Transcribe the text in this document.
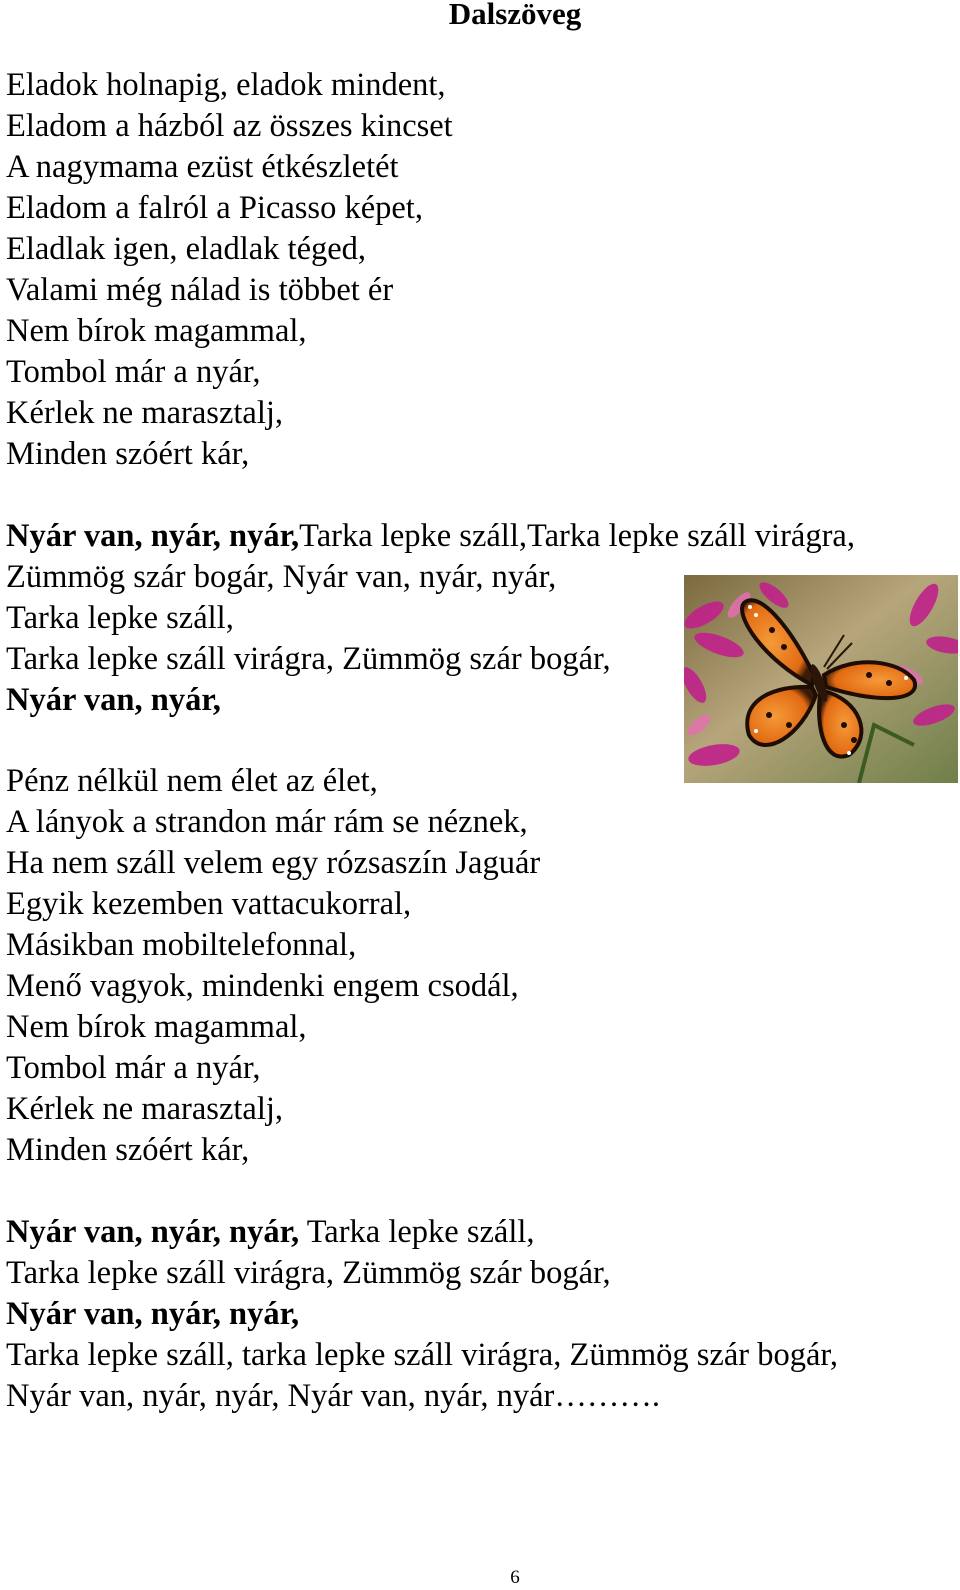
Dalszöveg
Eladok holnapig, eladok mindent,
Eladom a házból az összes kincset
A nagymama ezüst étkészletét
Eladom a falról a Picasso képet,
Eladlak igen, eladlak téged,
Valami még nálad is többet ér
Nem bírok magammal,
Tombol már a nyár,
Kérlek ne marasztalj,
Minden szóért kár,
Nyár van, nyár, nyár,Tarka lepke száll,Tarka lepke száll virágra,
Zümmög szár bogár, Nyár van, nyár, nyár,
Tarka lepke száll,
Tarka lepke száll virágra, Zümmög szár bogár,
Nyár van, nyár,
Pénz nélkül nem élet az élet,
A lányok a strandon már rám se néznek,
Ha nem száll velem egy rózsaszín Jaguár
Egyik kezemben vattacukorral,
Másikban mobiltelefonnal,
Menő vagyok, mindenki engem csodál,
Nem bírok magammal,
Tombol már a nyár,
Kérlek ne marasztalj,
Minden szóért kár,
Nyár van, nyár, nyár, Tarka lepke száll,
Tarka lepke száll virágra, Zümmög szár bogár,
Nyár van, nyár, nyár,
Tarka lepke száll, tarka lepke száll virágra, Zümmög szár bogár,
Nyár van, nyár, nyár, Nyár van, nyár, nyár……….
6
